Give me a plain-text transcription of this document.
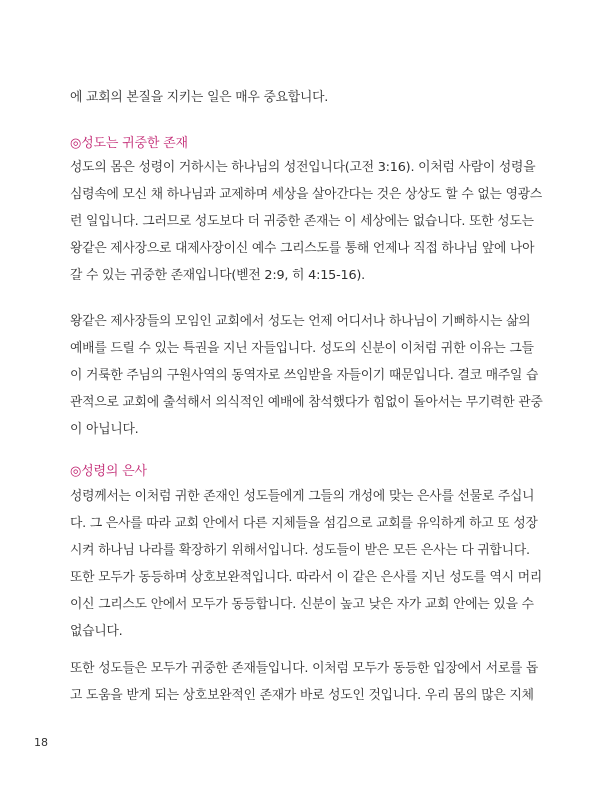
에 교회의 본질을 지키는 일은 매우 중요합니다.
◎성도는 귀중한 존재
성도의 몸은 성령이 거하시는 하나님의 성전입니다(고전 3:16). 이처럼 사람이 성령을
심령속에 모신 채 하나님과 교제하며 세상을 살아간다는 것은 상상도 할 수 없는 영광스
런 일입니다. 그러므로 성도보다 더 귀중한 존재는 이 세상에는 없습니다. 또한 성도는
왕같은 제사장으로 대제사장이신 예수 그리스도를 통해 언제나 직접 하나님 앞에 나아
갈 수 있는 귀중한 존재입니다(벧전 2:9, 히 4:15-16).
왕같은 제사장들의 모임인 교회에서 성도는 언제 어디서나 하나님이 기뻐하시는 삶의
예배를 드릴 수 있는 특권을 지닌 자들입니다. 성도의 신분이 이처럼 귀한 이유는 그들
이 거룩한 주님의 구원사역의 동역자로 쓰임받을 자들이기 때문입니다. 결코 매주일 습
관적으로 교회에 출석해서 의식적인 예배에 참석했다가 힘없이 돌아서는 무기력한 관중
이 아닙니다.
◎성령의 은사
성령께서는 이처럼 귀한 존재인 성도들에게 그들의 개성에 맞는 은사를 선물로 주십니
다. 그 은사를 따라 교회 안에서 다른 지체들을 섬김으로 교회를 유익하게 하고 또 성장
시켜 하나님 나라를 확장하기 위해서입니다. 성도들이 받은 모든 은사는 다 귀합니다.
또한 모두가 동등하며 상호보완적입니다. 따라서 이 같은 은사를 지닌 성도를 역시 머리
이신 그리스도 안에서 모두가 동등합니다. 신분이 높고 낮은 자가 교회 안에는 있을 수
없습니다.
또한 성도들은 모두가 귀중한 존재들입니다. 이처럼 모두가 동등한 입장에서 서로를 돕
고 도움을 받게 되는 상호보완적인 존재가 바로 성도인 것입니다. 우리 몸의 많은 지체
18
